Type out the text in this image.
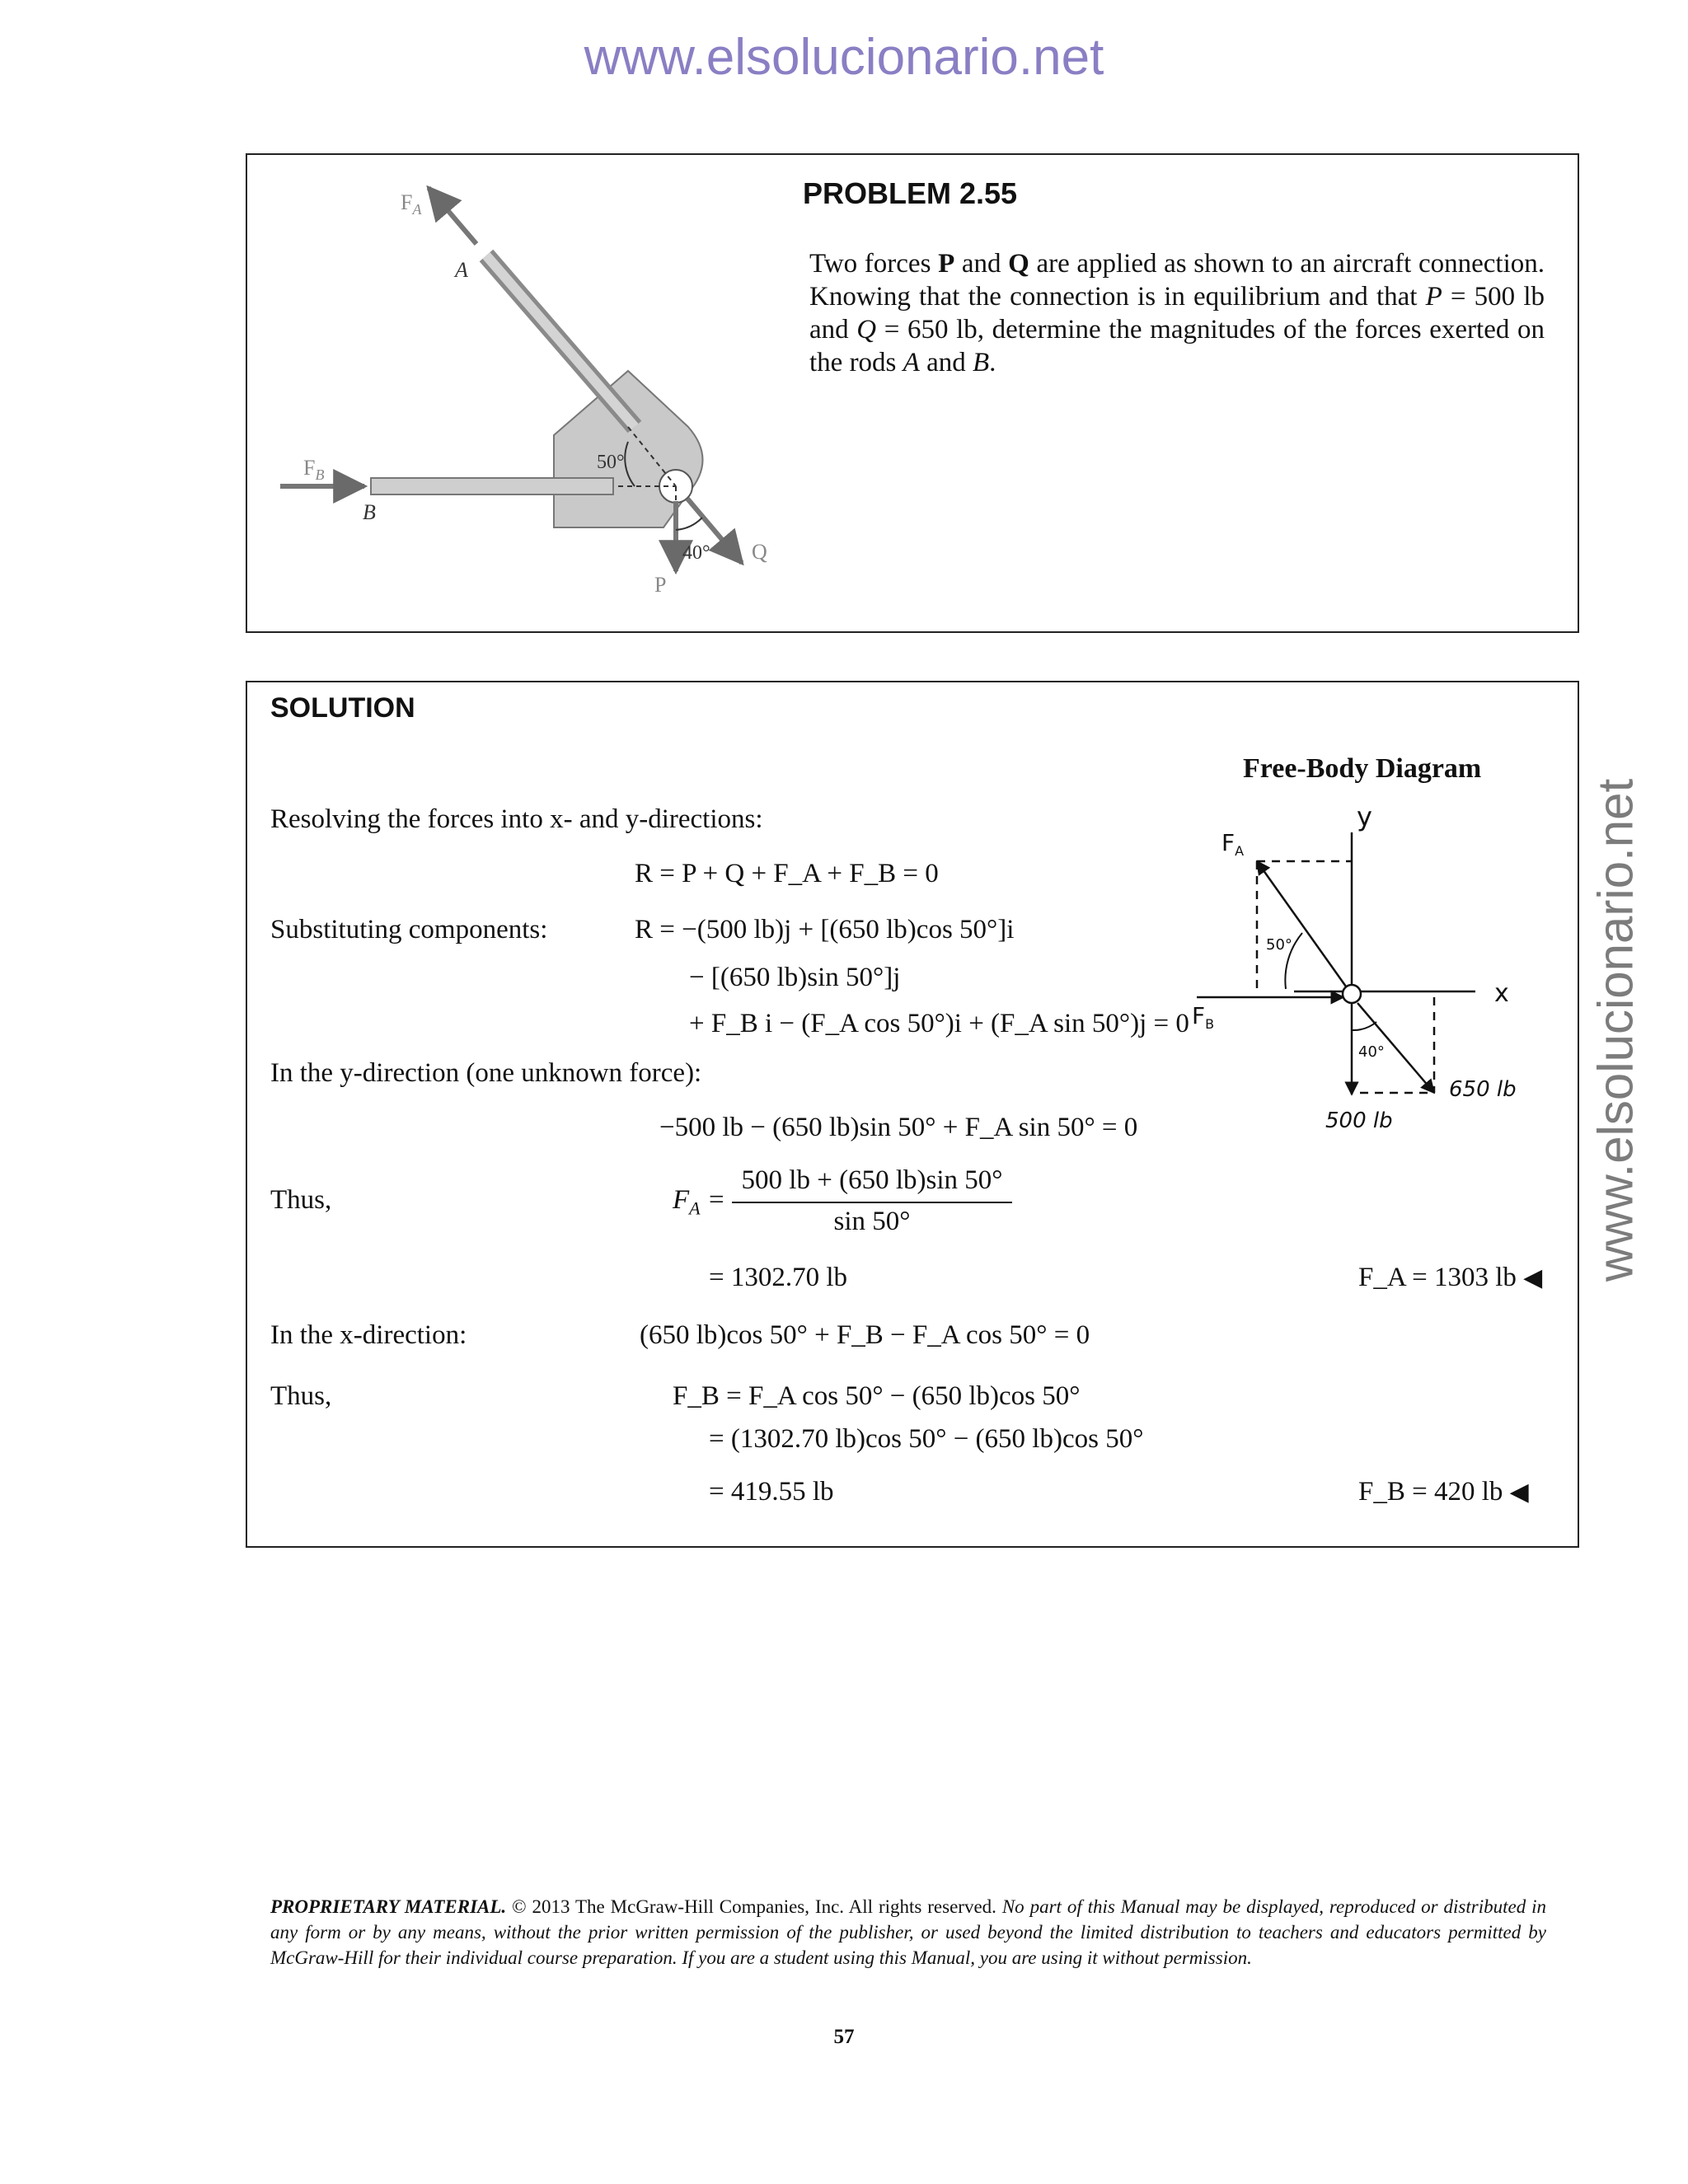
www.elsolucionario.net
www.elsolucionario.net
$F_A$
A
$F_B$
B
50°
40°
P
Q
PROBLEM 2.55
Two forces P and Q are applied as shown to an aircraft connection. Knowing that the connection is in equilibrium and that P = 500 lb and Q = 650 lb, determine the magnitudes of the forces exerted on the rods A and B.
SOLUTION
Free-Body Diagram
y
x
$F_A$
$F_B$
50°
40°
650 lb
500 lb
Resolving the forces into x- and y-directions:
R = P + Q + F_A + F_B = 0
Substituting components:	R = −(500 lb)j + [(650 lb)cos 50°]i
− [(650 lb)sin 50°]j
+ F_B i − (F_A cos 50°)i + (F_A sin 50°)j = 0
In the y-direction (one unknown force):
−500 lb − (650 lb)sin 50° + F_A sin 50° = 0
Thus,	$F_A$ =
500 lb + (650 lb)sin 50°
sin 50°
= 1302.70 lb	F_A = 1303 lb ◀
In the x-direction:	(650 lb)cos 50° + F_B − F_A cos 50° = 0
Thus,	F_B = F_A cos 50° − (650 lb)cos 50°
= (1302.70 lb)cos 50° − (650 lb)cos 50°
= 419.55 lb	F_B = 420 lb ◀
PROPRIETARY MATERIAL. © 2013 The McGraw-Hill Companies, Inc. All rights reserved. No part of this Manual may be displayed, reproduced or distributed in any form or by any means, without the prior written permission of the publisher, or used beyond the limited distribution to teachers and educators permitted by McGraw-Hill for their individual course preparation. If you are a student using this Manual, you are using it without permission.
57
